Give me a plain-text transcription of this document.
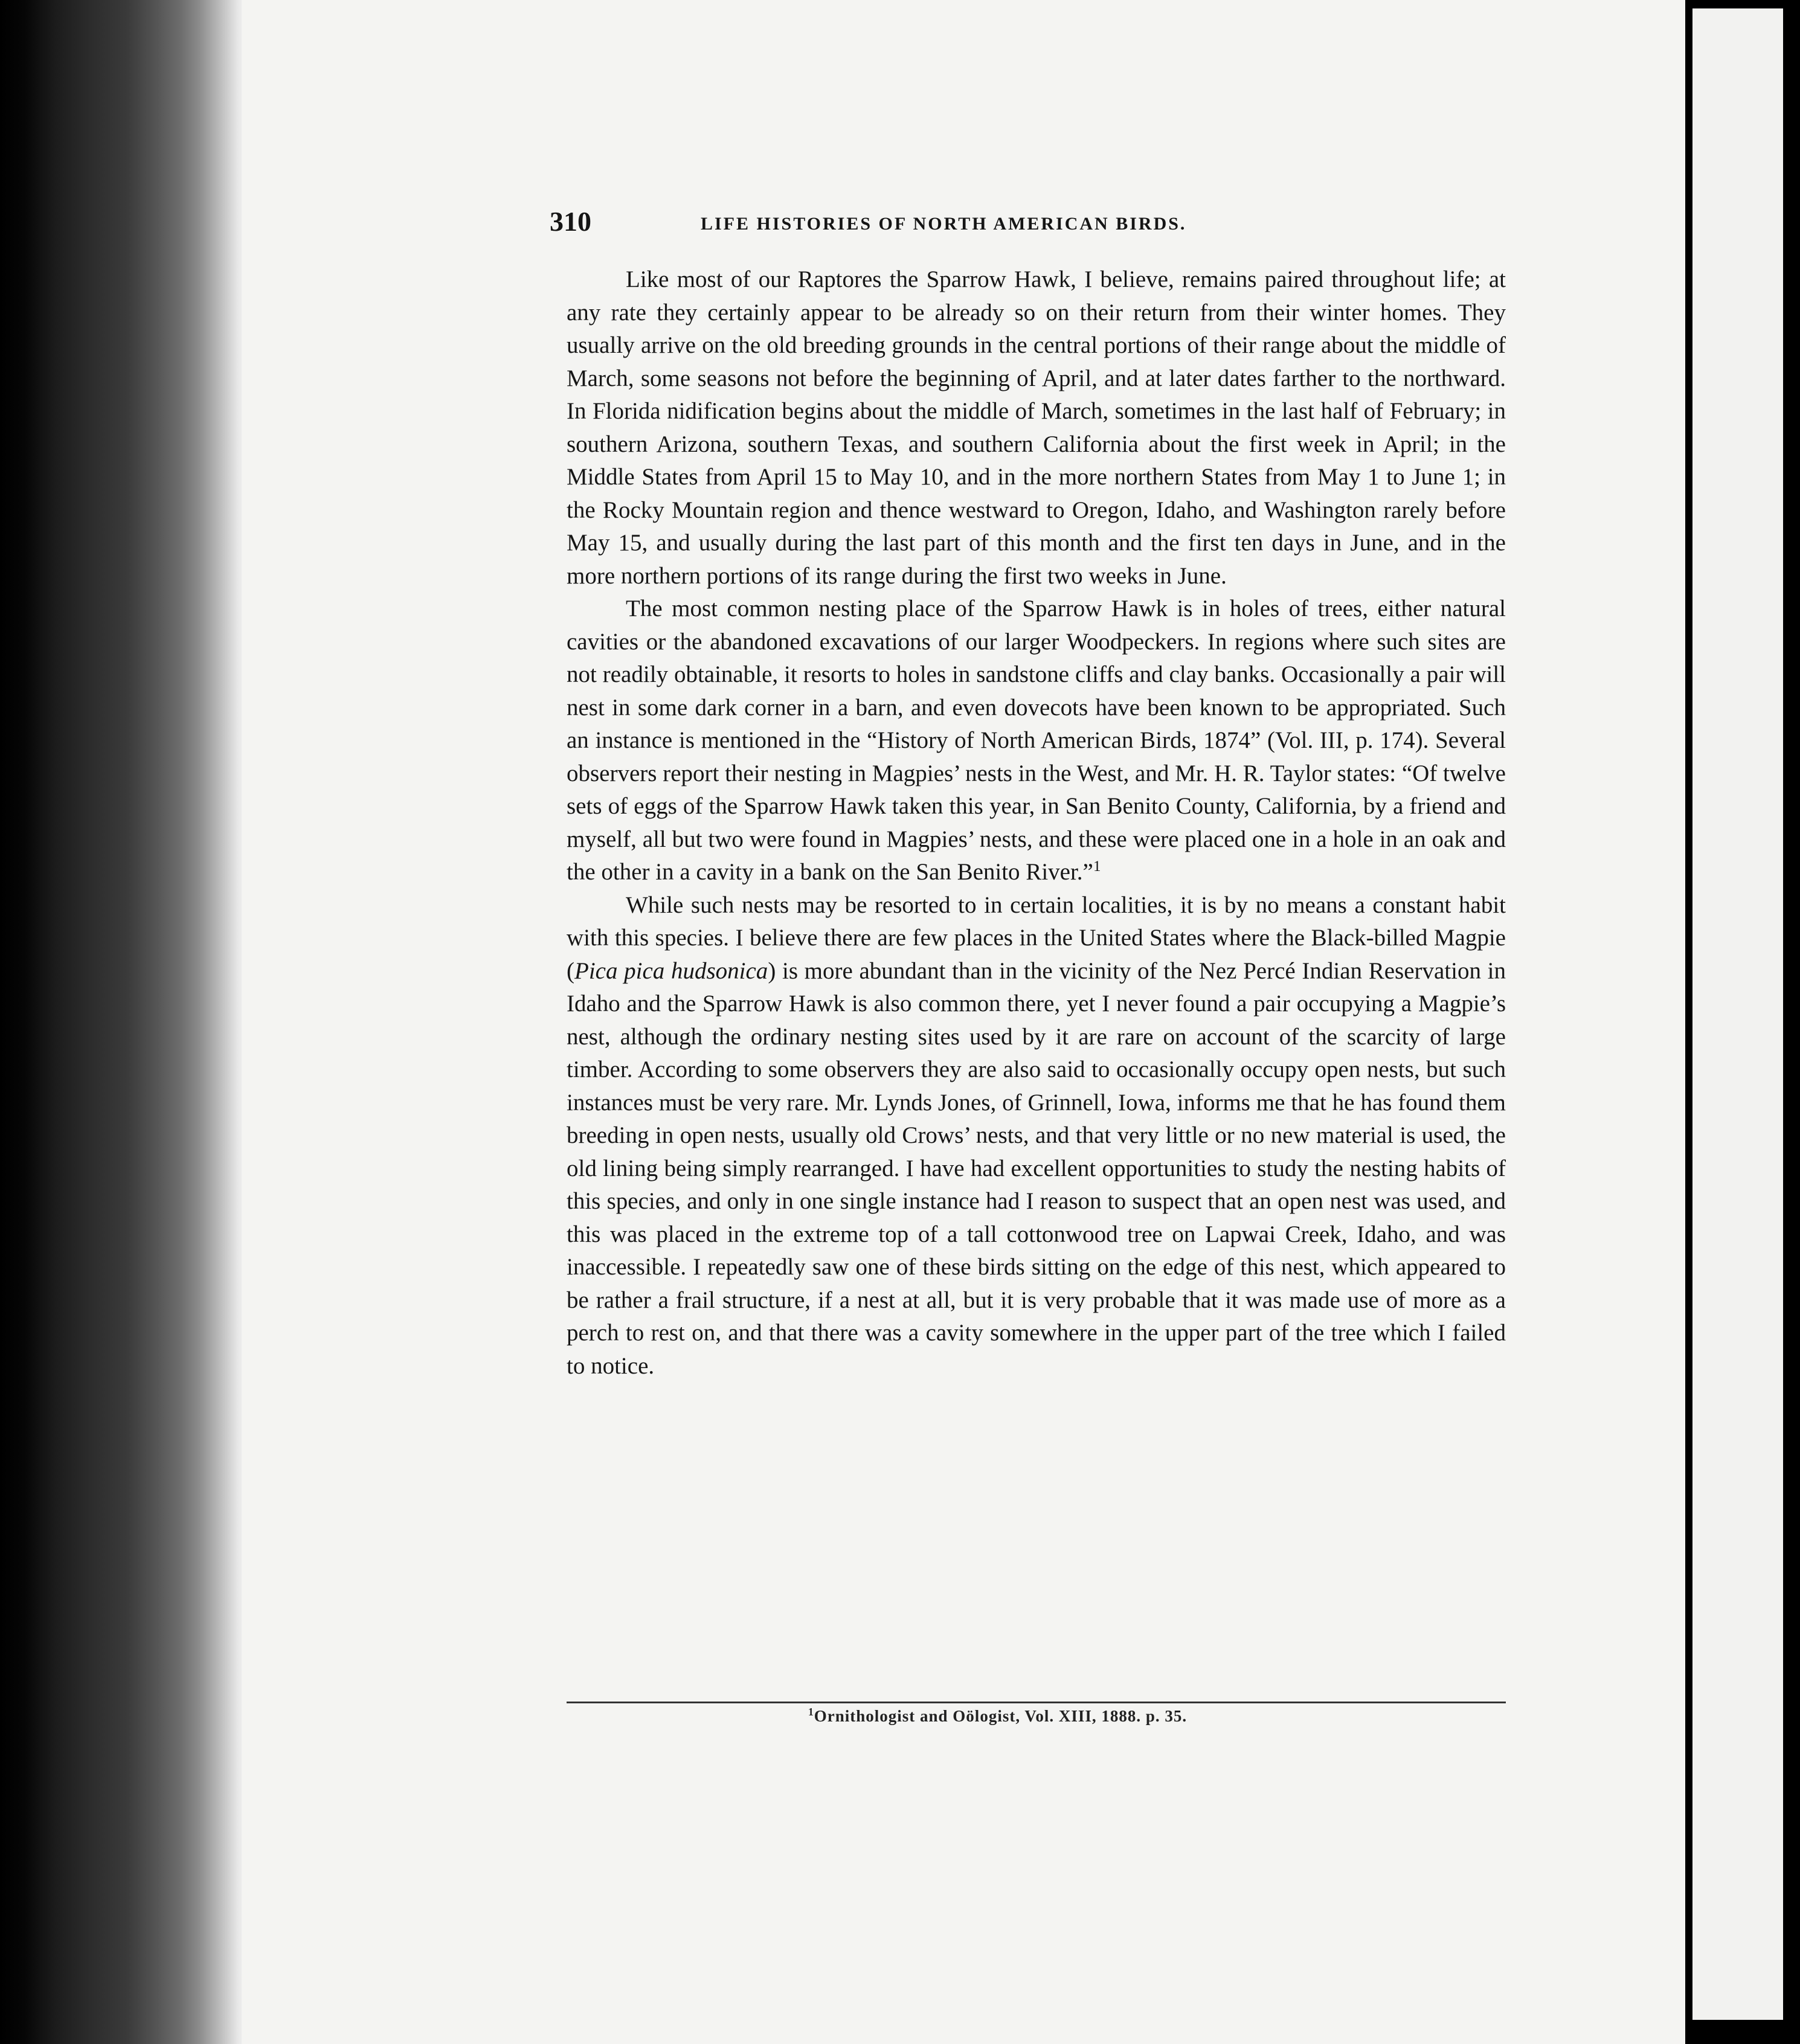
310	LIFE HISTORIES OF NORTH AMERICAN BIRDS.

Like most of our Raptores the Sparrow Hawk, I believe, remains paired throughout life; at any rate they certainly appear to be already so on their return from their winter homes. They usually arrive on the old breeding grounds in the central portions of their range about the middle of March, some seasons not before the beginning of April, and at later dates farther to the northward. In Florida nidification begins about the middle of March, sometimes in the last half of February; in southern Arizona, southern Texas, and southern California about the first week in April; in the Middle States from April 15 to May 10, and in the more northern States from May 1 to June 1; in the Rocky Mountain region and thence westward to Oregon, Idaho, and Washington rarely before May 15, and usually during the last part of this month and the first ten days in June, and in the more northern portions of its range during the first two weeks in June.

The most common nesting place of the Sparrow Hawk is in holes of trees, either natural cavities or the abandoned excavations of our larger Woodpeckers. In regions where such sites are not readily obtainable, it resorts to holes in sandstone cliffs and clay banks. Occasionally a pair will nest in some dark corner in a barn, and even dovecots have been known to be appropriated. Such an instance is mentioned in the “History of North American Birds, 1874” (Vol. III, p. 174). Several observers report their nesting in Magpies’ nests in the West, and Mr. H. R. Taylor states: “Of twelve sets of eggs of the Sparrow Hawk taken this year, in San Benito County, California, by a friend and myself, all but two were found in Magpies’ nests, and these were placed one in a hole in an oak and the other in a cavity in a bank on the San Benito River.”$^1$

While such nests may be resorted to in certain localities, it is by no means a constant habit with this species. I believe there are few places in the United States where the Black-billed Magpie (Pica pica hudsonica) is more abundant than in the vicinity of the Nez Percé Indian Reservation in Idaho and the Sparrow Hawk is also common there, yet I never found a pair occupying a Magpie’s nest, although the ordinary nesting sites used by it are rare on account of the scarcity of large timber. According to some observers they are also said to occasionally occupy open nests, but such instances must be very rare. Mr. Lynds Jones, of Grinnell, Iowa, informs me that he has found them breeding in open nests, usually old Crows’ nests, and that very little or no new material is used, the old lining being simply rearranged. I have had excellent opportunities to study the nesting habits of this species, and only in one single instance had I reason to suspect that an open nest was used, and this was placed in the extreme top of a tall cottonwood tree on Lapwai Creek, Idaho, and was inaccessible. I repeatedly saw one of these birds sitting on the edge of this nest, which appeared to be rather a frail structure, if a nest at all, but it is very probable that it was made use of more as a perch to rest on, and that there was a cavity somewhere in the upper part of the tree which I failed to notice.

$^1$Ornithologist and Oölogist, Vol. XIII, 1888. p. 35.
